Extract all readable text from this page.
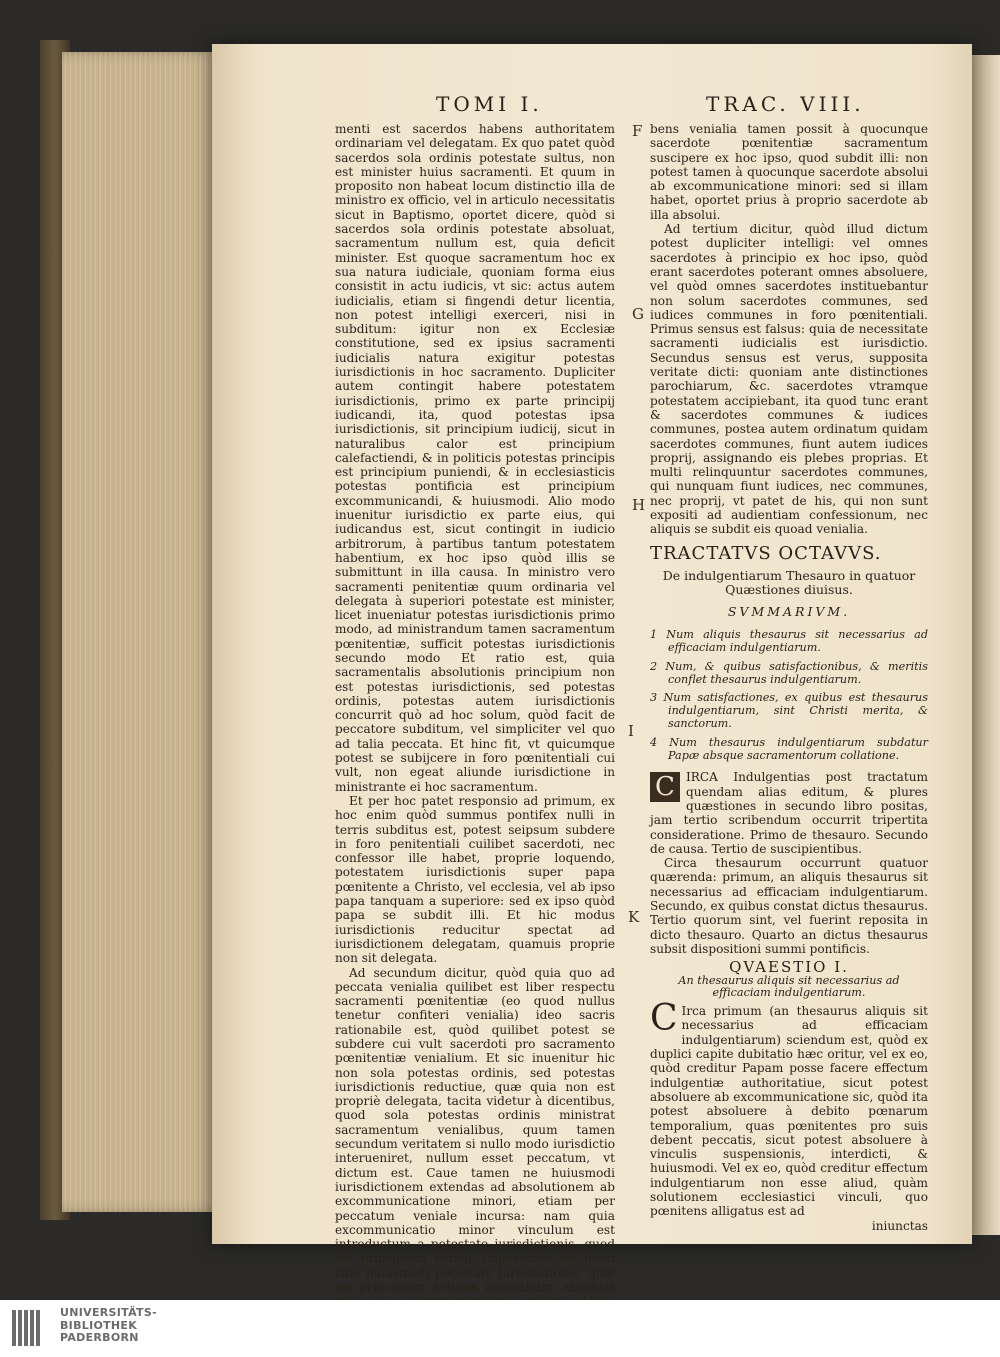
TOMI I.	TRAC. VIII.
F
G
H
I
K

menti est sacerdos habens authoritatem ordinariam vel delegatam. Ex quo patet quòd sacerdos sola ordinis potestate sultus, non est minister huius sacramenti. Et quum in proposito non habeat locum distinctio illa de ministro ex officio, vel in articulo necessitatis sicut in Baptismo, oportet dicere, quòd si sacerdos sola ordinis potestate absoluat, sacramentum nullum est, quia deficit minister. Est quoque sacramentum hoc ex sua natura iudiciale, quoniam forma eius consistit in actu iudicis, vt sic: actus autem iudicialis, etiam si fingendi detur licentia, non potest intelligi exerceri, nisi in subditum: igitur non ex Ecclesiæ constitutione, sed ex ipsius sacramenti iudicialis natura exigitur potestas iurisdictionis in hoc sacramento. Dupliciter autem contingit habere potestatem iurisdictionis, primo ex parte principij iudicandi, ita, quod potestas ipsa iurisdictionis, sit principium iudicij, sicut in naturalibus calor est principium calefactiendi, & in politicis potestas principis est principium puniendi, & in ecclesiasticis potestas pontificia est principium excommunicandi, & huiusmodi. Alio modo inuenitur iurisdictio ex parte eius, qui iudicandus est, sicut contingit in iudicio arbitrorum, à partibus tantum potestatem habentium, ex hoc ipso quòd illis se submittunt in illa causa. In ministro vero sacramenti penitentiæ quum ordinaria vel delegata à superiori potestate est minister, licet inueniatur potestas iurisdictionis primo modo, ad ministrandum tamen sacramentum pœnitentiæ, sufficit potestas iurisdictionis secundo modo Et ratio est, quia sacramentalis absolutionis principium non est potestas iurisdictionis, sed potestas ordinis, potestas autem iurisdictionis concurrit quò ad hoc solum, quòd facit de peccatore subditum, vel simpliciter vel quo ad talia peccata. Et hinc fit, vt quicumque potest se subijcere in foro pœnitentiali cui vult, non egeat aliunde iurisdictione in ministrante ei hoc sacramentum.

Et per hoc patet responsio ad primum, ex hoc enim quòd summus pontifex nulli in terris subditus est, potest seipsum subdere in foro penitentiali cuilibet sacerdoti, nec confessor ille habet, proprie loquendo, potestatem iurisdictionis super papa pœnitente a Christo, vel ecclesia, vel ab ipso papa tanquam a superiore: sed ex ipso quòd papa se subdit illi. Et hic modus iurisdictionis reducitur spectat ad iurisdictionem delegatam, quamuis proprie non sit delegata.

Ad secundum dicitur, quòd quia quo ad peccata venialia quilibet est liber respectu sacramenti pœnitentiæ (eo quod nullus tenetur confiteri venialia) ideo sacris rationabile est, quòd quilibet potest se subdere cui vult sacerdoti pro sacramento pœnitentiæ venialium. Et sic inuenitur hic non sola potestas ordinis, sed potestas iurisdictionis reductiue, quæ quia non est propriè delegata, tacita videtur à dicentibus, quod sola potestas ordinis ministrat sacramentum venialibus, quum tamen secundum veritatem si nullo modo iurisdictio interueniret, nullum esset peccatum, vt dictum est. Caue tamen ne huiusmodi iurisdictionem extendas ad absolutionem ab excommunicatione minori, etiam per peccatum veniale incursa: nam quia excommunicatio minor vinculum est introductum a potestate iurisdictionis, quod est principium iudicij, impossibile est quod sine huiusmodi potestate iurisdictionis, quæ est principium actuum iudicialium, absoluat

bens venialia tamen possit à quocunque sacerdote pœnitentiæ sacramentum suscipere ex hoc ipso, quod subdit illi: non potest tamen à quocunque sacerdote absolui ab excommunicatione minori: sed si illam habet, oportet prius à proprio sacerdote ab illa absolui.

Ad tertium dicitur, quòd illud dictum potest dupliciter intelligi: vel omnes sacerdotes à principio ex hoc ipso, quòd erant sacerdotes poterant omnes absoluere, vel quòd omnes sacerdotes instituebantur non solum sacerdotes communes, sed iudices communes in foro pœnitentiali. Primus sensus est falsus: quia de necessitate sacramenti iudicialis est iurisdictio. Secundus sensus est verus, supposita veritate dicti: quoniam ante distinctiones parochiarum, &c. sacerdotes vtramque potestatem accipiebant, ita quod tunc erant & sacerdotes communes & iudices communes, postea autem ordinatum quidam sacerdotes communes, fiunt autem iudices proprij, assignando eis plebes proprias. Et multi relinquuntur sacerdotes communes, qui nunquam fiunt iudices, nec communes, nec proprij, vt patet de his, qui non sunt expositi ad audientiam confessionum, nec aliquis se subdit eis quoad venialia.

TRACTATVS OCTAVVS.
De indulgentiarum Thesauro in quatuor Quæstiones diuisus.
SVMMARIVM.
1 Num aliquis thesaurus sit necessarius ad efficaciam indulgentiarum.
2 Num, & quibus satisfactionibus, & meritis conflet thesaurus indulgentiarum.
3 Num satisfactiones, ex quibus est thesaurus indulgentiarum, sint Christi merita, & sanctorum.
4 Num thesaurus indulgentiarum subdatur Papæ absque sacramentorum collatione.

C IRCA Indulgentias post tractatum quendam alias editum, & plures quæstiones in secundo libro positas, jam tertio scribendum occurrit tripertita consideratione. Primo de thesauro. Secundo de causa. Tertio de suscipientibus.

Circa thesaurum occurrunt quatuor quærenda: primum, an aliquis thesaurus sit necessarius ad efficaciam indulgentiarum. Secundo, ex quibus constat dictus thesaurus. Tertio quorum sint, vel fuerint reposita in dicto thesauro. Quarto an dictus thesaurus subsit dispositioni summi pontificis.

QVAESTIO I.
An thesaurus aliquis sit necessarius ad efficaciam indulgentiarum.

C Irca primum (an thesaurus aliquis sit necessarius ad efficaciam indulgentiarum) sciendum est, quòd ex duplici capite dubitatio hæc oritur, vel ex eo, quòd creditur Papam posse facere effectum indulgentiæ authoritatiue, sicut potest absoluere ab excommunicatione sic, quòd ita potest absoluere à debito pœnarum temporalium, quas pœnitentes pro suis debent peccatis, sicut potest absoluere à vinculis suspensionis, interdicti, & huiusmodi. Vel ex eo, quòd creditur effectum indulgentiarum non esse aliud, quàm solutionem ecclesiastici vinculi, quo pœnitens alligatus est ad

iniunctas
UNIVERSITÄTS-
BIBLIOTHEK
PADERBORN
